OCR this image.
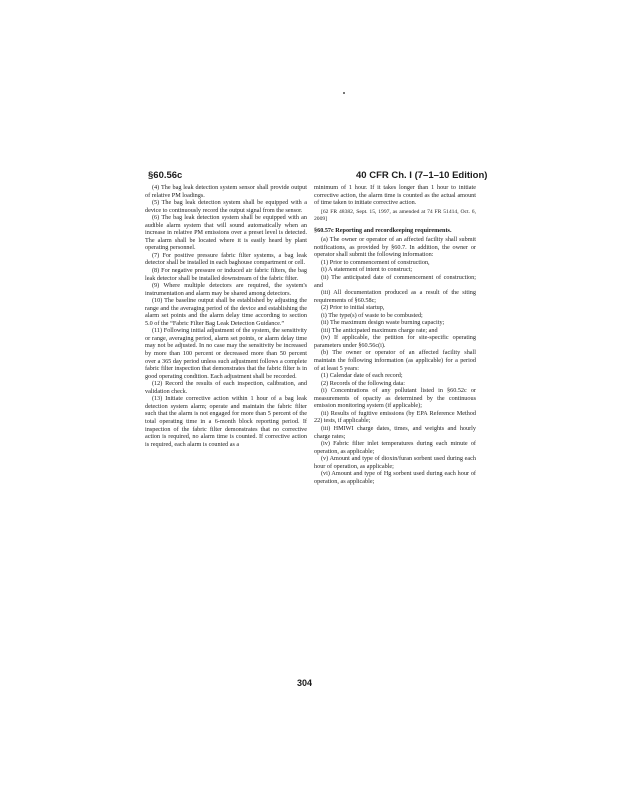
§60.56c	40 CFR Ch. I (7–1–10 Edition)

(4) The bag leak detection system sensor shall provide output of relative PM loadings.

(5) The bag leak detection system shall be equipped with a device to continuously record the output signal from the sensor.

(6) The bag leak detection system shall be equipped with an audible alarm system that will sound automatically when an increase in relative PM emissions over a preset level is detected. The alarm shall be located where it is easily heard by plant operating personnel.

(7) For positive pressure fabric filter systems, a bag leak detector shall be installed in each baghouse compartment or cell.

(8) For negative pressure or induced air fabric filters, the bag leak detector shall be installed downstream of the fabric filter.

(9) Where multiple detectors are required, the system's instrumentation and alarm may be shared among detectors.

(10) The baseline output shall be established by adjusting the range and the averaging period of the device and establishing the alarm set points and the alarm delay time according to section 5.0 of the “Fabric Filter Bag Leak Detection Guidance.”

(11) Following initial adjustment of the system, the sensitivity or range, averaging period, alarm set points, or alarm delay time may not be adjusted. In no case may the sensitivity be increased by more than 100 percent or decreased more than 50 percent over a 365 day period unless such adjustment follows a complete fabric filter inspection that demonstrates that the fabric filter is in good operating condition. Each adjustment shall be recorded.

(12) Record the results of each inspection, calibration, and validation check.

(13) Initiate corrective action within 1 hour of a bag leak detection system alarm; operate and maintain the fabric filter such that the alarm is not engaged for more than 5 percent of the total operating time in a 6-month block reporting period. If inspection of the fabric filter demonstrates that no corrective action is required, no alarm time is counted. If corrective action is required, each alarm is counted as a

minimum of 1 hour. If it takes longer than 1 hour to initiate corrective action, the alarm time is counted as the actual amount of time taken to initiate corrective action.

[62 FR 48382, Sept. 15, 1997, as amended at 74 FR 51414, Oct. 6, 2009]

§60.57c Reporting and recordkeeping requirements.

(a) The owner or operator of an affected facility shall submit notifications, as provided by §60.7. In addition, the owner or operator shall submit the following information:

(1) Prior to commencement of construction,

(i) A statement of intent to construct;

(ii) The anticipated date of commencement of construction; and

(iii) All documentation produced as a result of the siting requirements of §60.58c;

(2) Prior to initial startup,

(i) The type(s) of waste to be combusted;

(ii) The maximum design waste burning capacity;

(iii) The anticipated maximum charge rate; and

(iv) If applicable, the petition for site-specific operating parameters under §60.56c(i).

(b) The owner or operator of an affected facility shall maintain the following information (as applicable) for a period of at least 5 years:

(1) Calendar date of each record;

(2) Records of the following data:

(i) Concentrations of any pollutant listed in §60.52c or measurements of opacity as determined by the continuous emission monitoring system (if applicable);

(ii) Results of fugitive emissions (by EPA Reference Method 22) tests, if applicable;

(iii) HMIWI charge dates, times, and weights and hourly charge rates;

(iv) Fabric filter inlet temperatures during each minute of operation, as applicable;

(v) Amount and type of dioxin/furan sorbent used during each hour of operation, as applicable;

(vi) Amount and type of Hg sorbent used during each hour of operation, as applicable;

304
